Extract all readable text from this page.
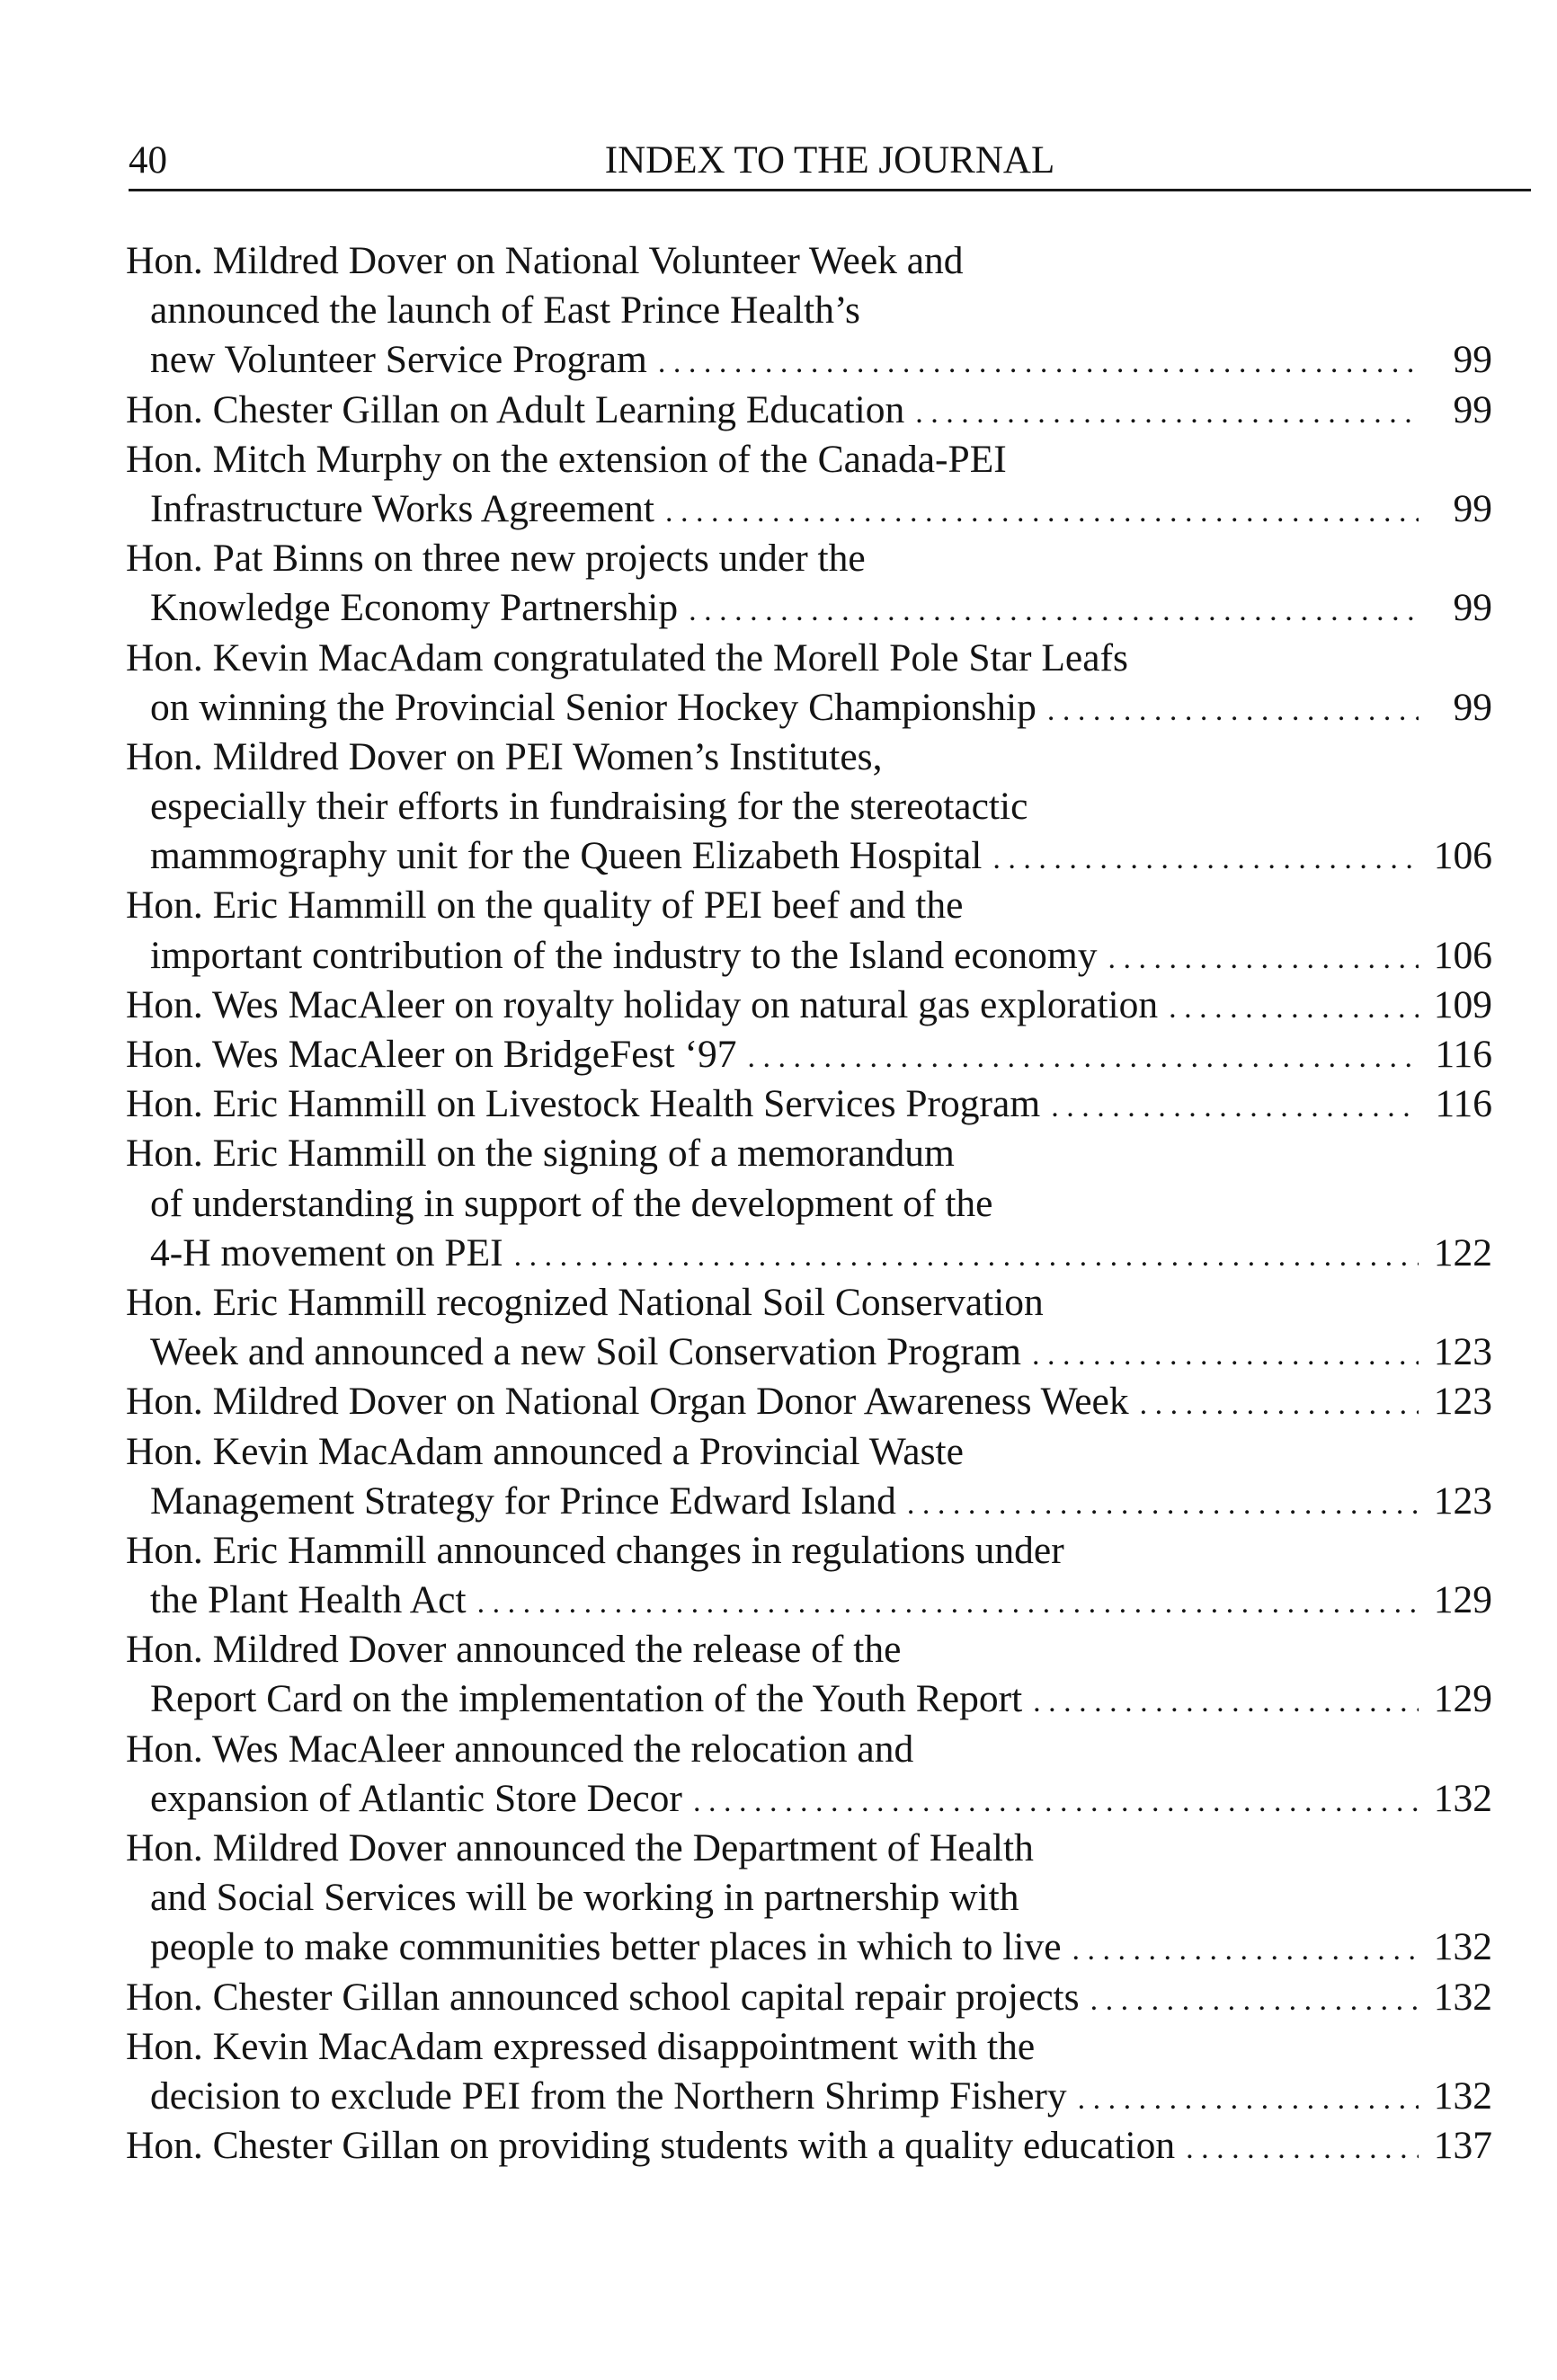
40	INDEX TO THE JOURNAL
Hon. Mildred Dover on National Volunteer Week and
announced the launch of East Prince Health’s
new Volunteer Service Program . . .	99
Hon. Chester Gillan on Adult Learning Education . . .	99
Hon. Mitch Murphy on the extension of the Canada-PEI
Infrastructure Works Agreement . . .	99
Hon. Pat Binns on three new projects under the
Knowledge Economy Partnership . . .	99
Hon. Kevin MacAdam congratulated the Morell Pole Star Leafs
on winning the Provincial Senior Hockey Championship . . .	99
Hon. Mildred Dover on PEI Women’s Institutes,
especially their efforts in fundraising for the stereotactic
mammography unit for the Queen Elizabeth Hospital . . .	106
Hon. Eric Hammill on the quality of PEI beef and the
important contribution of the industry to the Island economy . . .	106
Hon. Wes MacAleer on royalty holiday on natural gas exploration . . .	109
Hon. Wes MacAleer on BridgeFest ‘97 . . .	116
Hon. Eric Hammill on Livestock Health Services Program . . .	116
Hon. Eric Hammill on the signing of a memorandum
of understanding in support of the development of the
4-H movement on PEI . . .	122
Hon. Eric Hammill recognized National Soil Conservation
Week and announced a new Soil Conservation Program . . .	123
Hon. Mildred Dover on National Organ Donor Awareness Week . . .	123
Hon. Kevin MacAdam announced a Provincial Waste
Management Strategy for Prince Edward Island . . .	123
Hon. Eric Hammill announced changes in regulations under
the Plant Health Act . . .	129
Hon. Mildred Dover announced the release of the
Report Card on the implementation of the Youth Report . . .	129
Hon. Wes MacAleer announced the relocation and
expansion of Atlantic Store Decor . . .	132
Hon. Mildred Dover announced the Department of Health
and Social Services will be working in partnership with
people to make communities better places in which to live . . .	132
Hon. Chester Gillan announced school capital repair projects . . .	132
Hon. Kevin MacAdam expressed disappointment with the
decision to exclude PEI from the Northern Shrimp Fishery . . .	132
Hon. Chester Gillan on providing students with a quality education . . .	137
